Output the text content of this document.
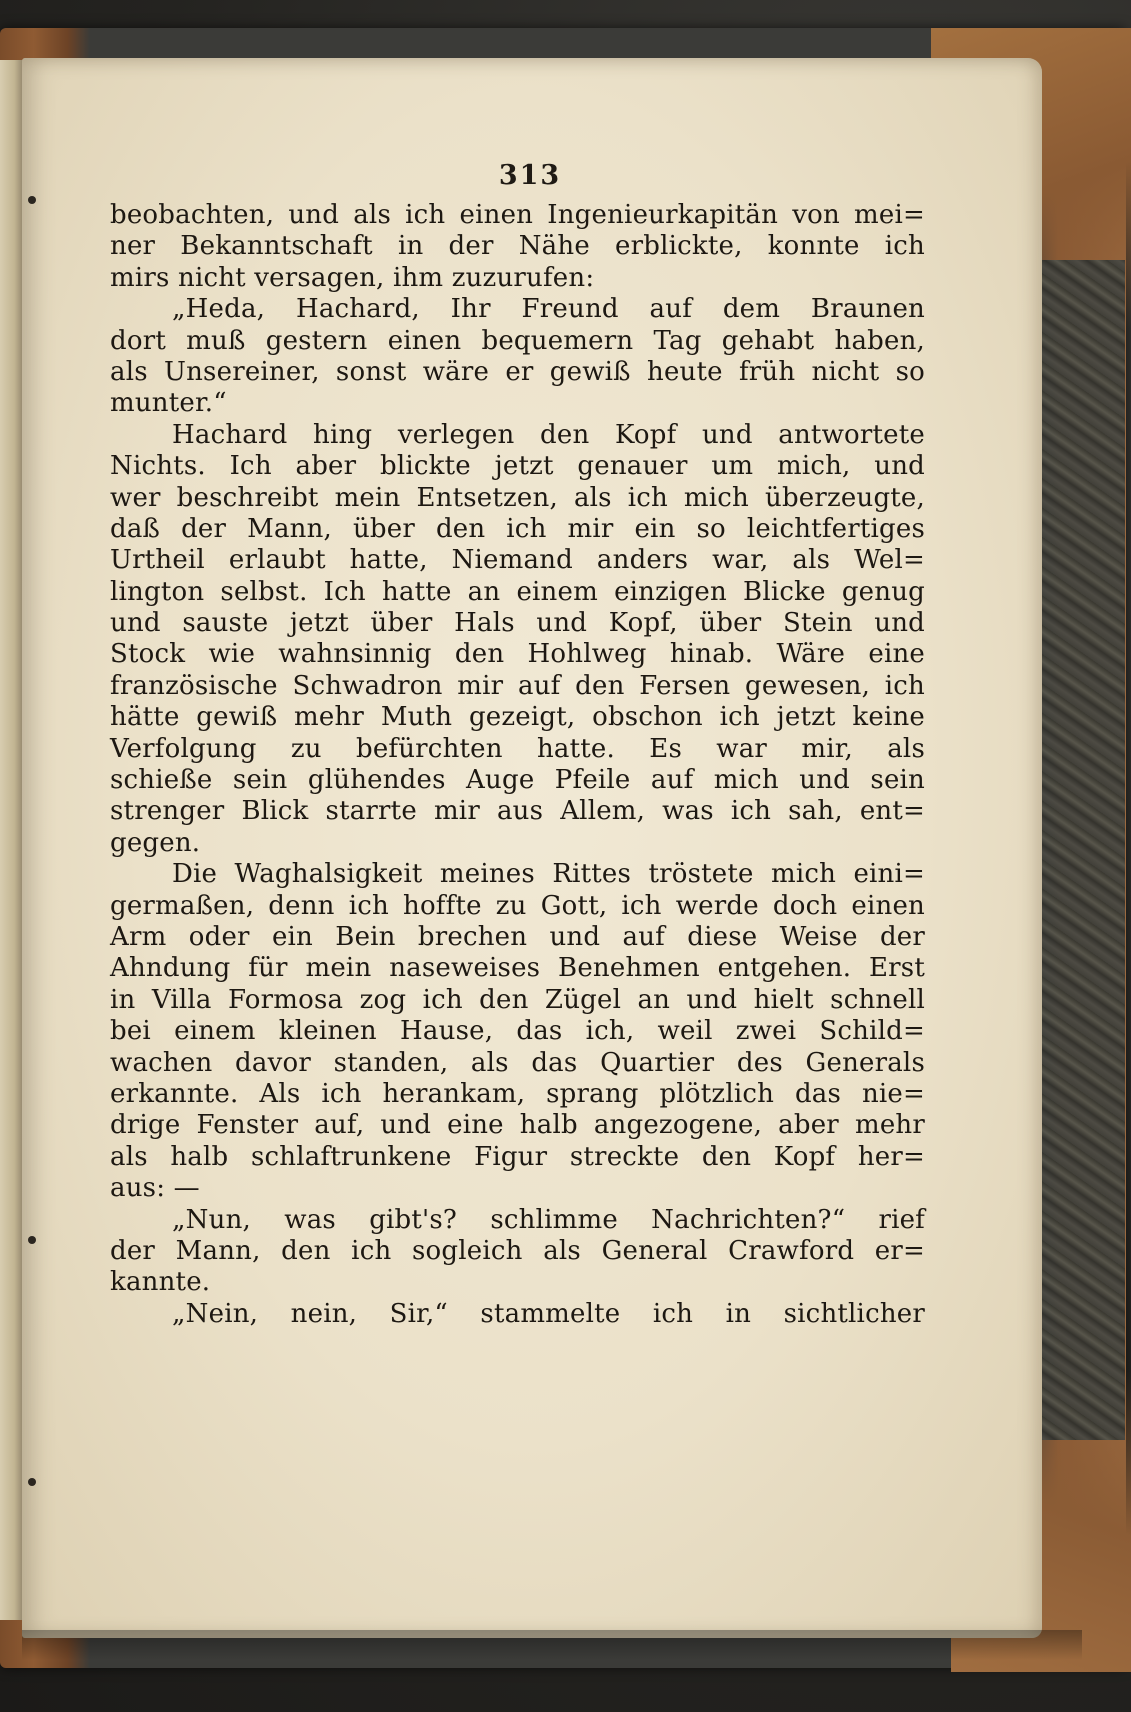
313
beobachten, und als ich einen Ingenieurkapitän von mei=
ner Bekanntschaft in der Nähe erblickte, konnte ich
mirs nicht versagen, ihm zuzurufen:
„Heda, Hachard, Ihr Freund auf dem Braunen
dort muß gestern einen bequemern Tag gehabt haben,
als Unsereiner, sonst wäre er gewiß heute früh nicht so
munter.“
Hachard hing verlegen den Kopf und antwortete
Nichts. Ich aber blickte jetzt genauer um mich, und
wer beschreibt mein Entsetzen, als ich mich überzeugte,
daß der Mann, über den ich mir ein so leichtfertiges
Urtheil erlaubt hatte, Niemand anders war, als Wel=
lington selbst. Ich hatte an einem einzigen Blicke genug
und sauste jetzt über Hals und Kopf, über Stein und
Stock wie wahnsinnig den Hohlweg hinab. Wäre eine
französische Schwadron mir auf den Fersen gewesen, ich
hätte gewiß mehr Muth gezeigt, obschon ich jetzt keine
Verfolgung zu befürchten hatte. Es war mir, als
schieße sein glühendes Auge Pfeile auf mich und sein
strenger Blick starrte mir aus Allem, was ich sah, ent=
gegen.
Die Waghalsigkeit meines Rittes tröstete mich eini=
germaßen, denn ich hoffte zu Gott, ich werde doch einen
Arm oder ein Bein brechen und auf diese Weise der
Ahndung für mein naseweises Benehmen entgehen. Erst
in Villa Formosa zog ich den Zügel an und hielt schnell
bei einem kleinen Hause, das ich, weil zwei Schild=
wachen davor standen, als das Quartier des Generals
erkannte. Als ich herankam, sprang plötzlich das nie=
drige Fenster auf, und eine halb angezogene, aber mehr
als halb schlaftrunkene Figur streckte den Kopf her=
aus: —
„Nun, was gibt's? schlimme Nachrichten?“ rief
der Mann, den ich sogleich als General Crawford er=
kannte.
„Nein, nein, Sir,“ stammelte ich in sichtlicher
